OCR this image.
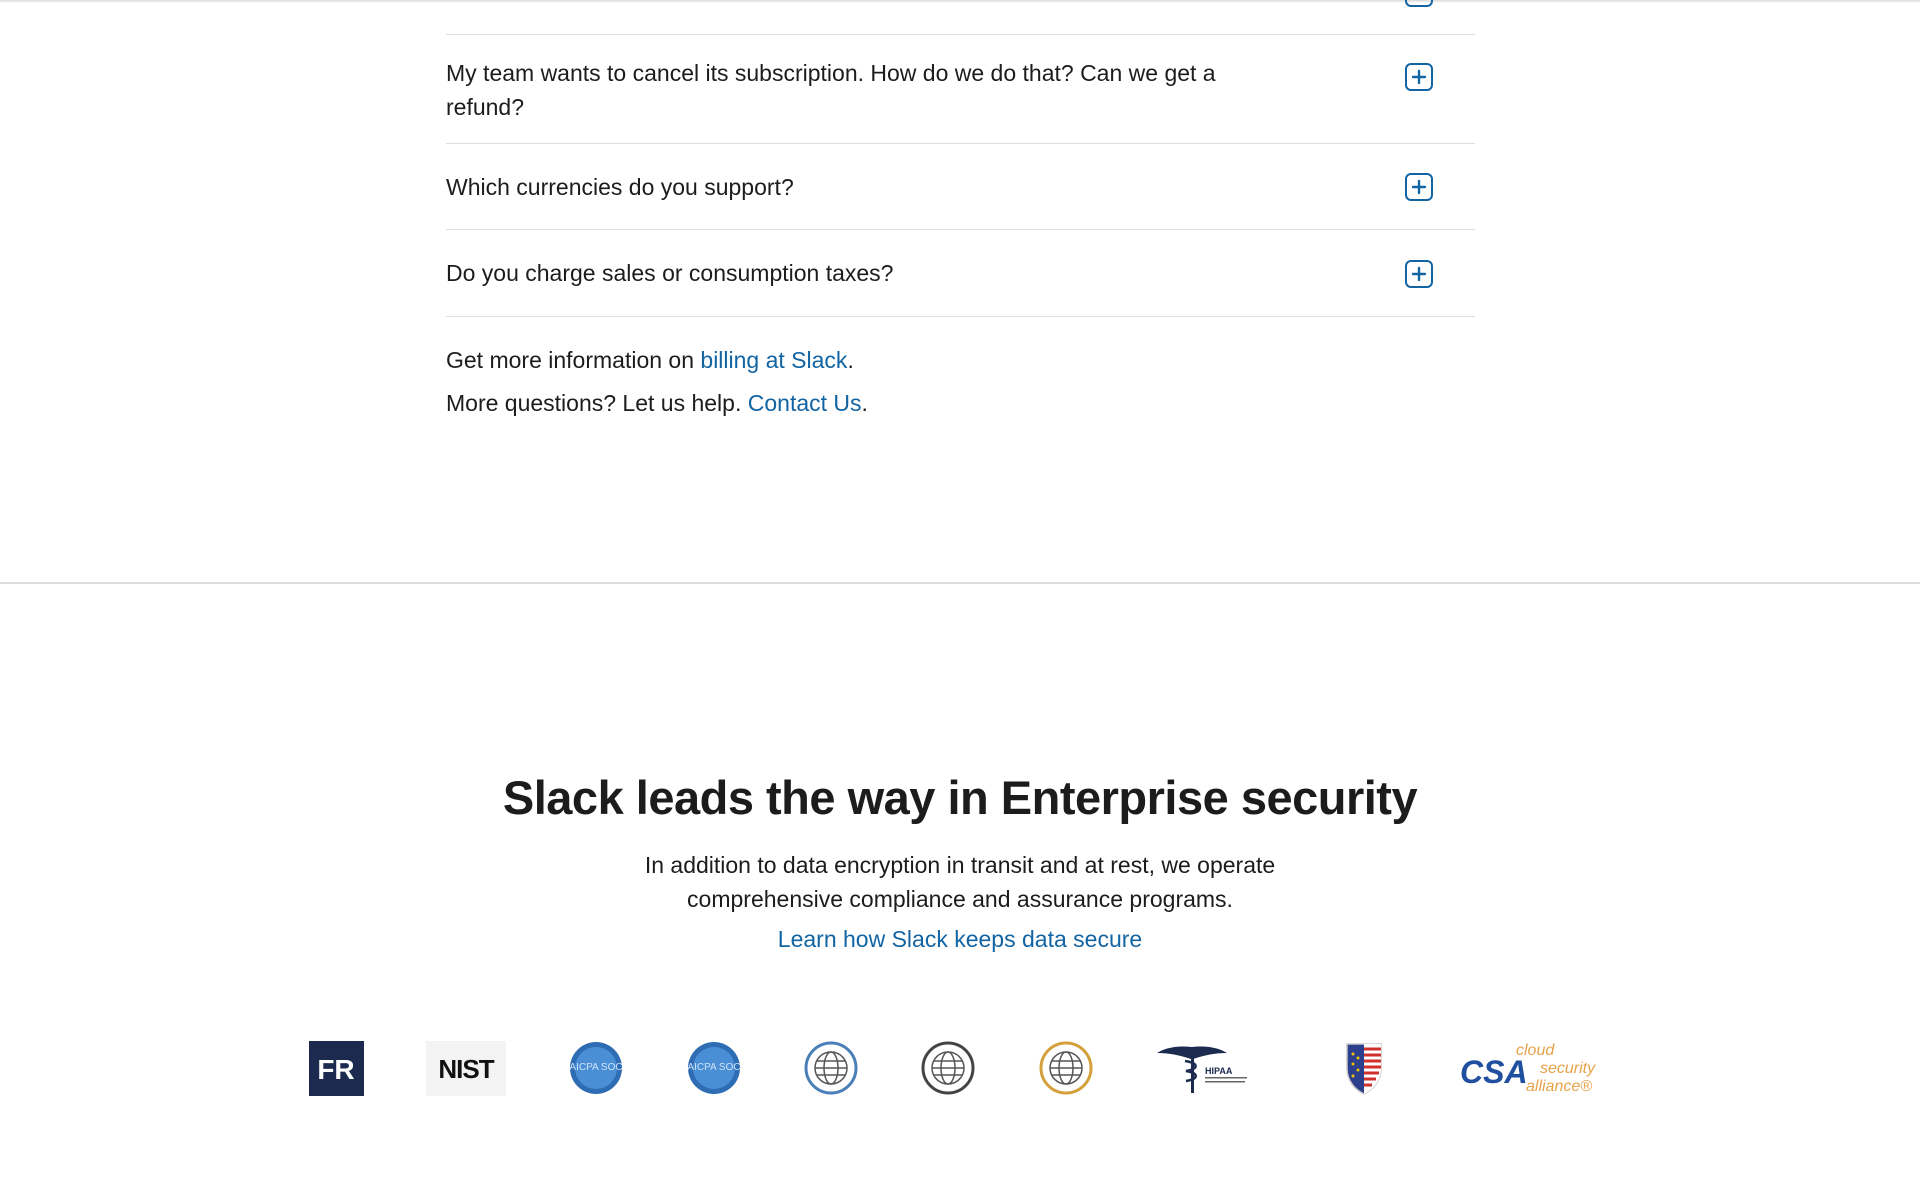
My team wants to cancel its subscription. How do we do that? Can we get a refund?
Which currencies do you support?
Do you charge sales or consumption taxes?

Get more information on billing at Slack.

More questions? Let us help. Contact Us.

Slack leads the way in Enterprise security

In addition to data encryption in transit and at rest, we operate comprehensive compliance and assurance programs.

Learn how Slack keeps data secure
FR	NIST	AICPA SOC	AICPA SOC	HIPAA	CSA
cloud
security
alliance®
